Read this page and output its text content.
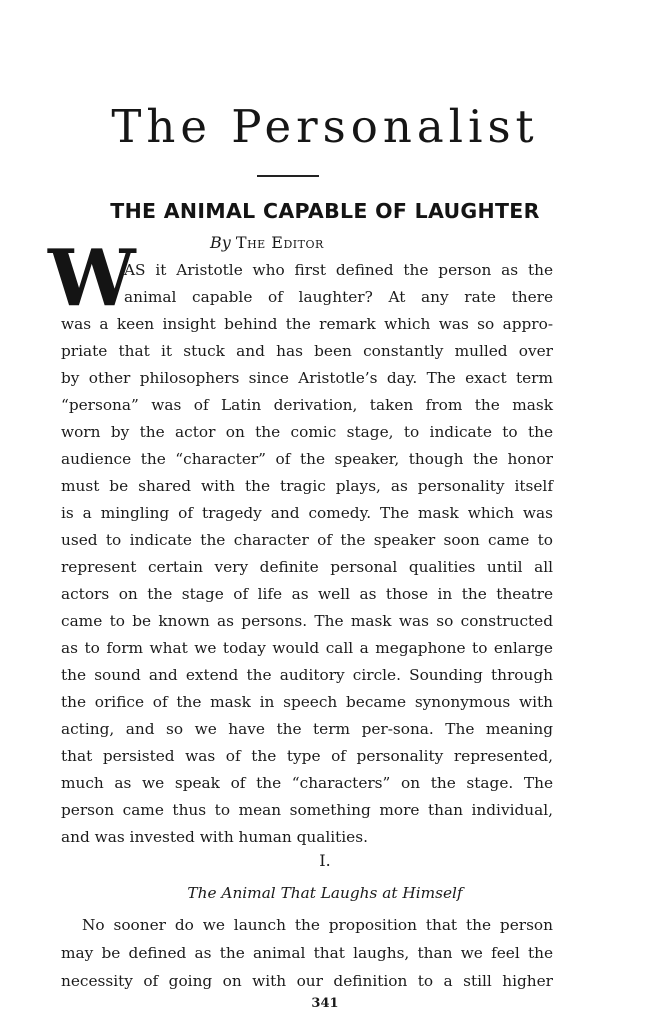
The Personalist
THE ANIMAL CAPABLE OF LAUGHTER
By The Editor
W
AS it Aristotle who first defined the person as the
animal capable of laughter? At any rate there
was a keen insight behind the remark which was so appro-
priate that it stuck and has been constantly mulled over
by other philosophers since Aristotle’s day. The exact term
“persona” was of Latin derivation, taken from the mask
worn by the actor on the comic stage, to indicate to the
audience the “character” of the speaker, though the honor
must be shared with the tragic plays, as personality itself
is a mingling of tragedy and comedy. The mask which was
used to indicate the character of the speaker soon came to
represent certain very definite personal qualities until all
actors on the stage of life as well as those in the theatre
came to be known as persons. The mask was so constructed
as to form what we today would call a megaphone to enlarge
the sound and extend the auditory circle. Sounding through
the orifice of the mask in speech became synonymous with
acting, and so we have the term per-sona. The meaning
that persisted was of the type of personality represented,
much as we speak of the “characters” on the stage. The
person came thus to mean something more than individual,
and was invested with human qualities.
I.
The Animal That Laughs at Himself
No sooner do we launch the proposition that the person
may be defined as the animal that laughs, than we feel the
necessity of going on with our definition to a still higher
341
